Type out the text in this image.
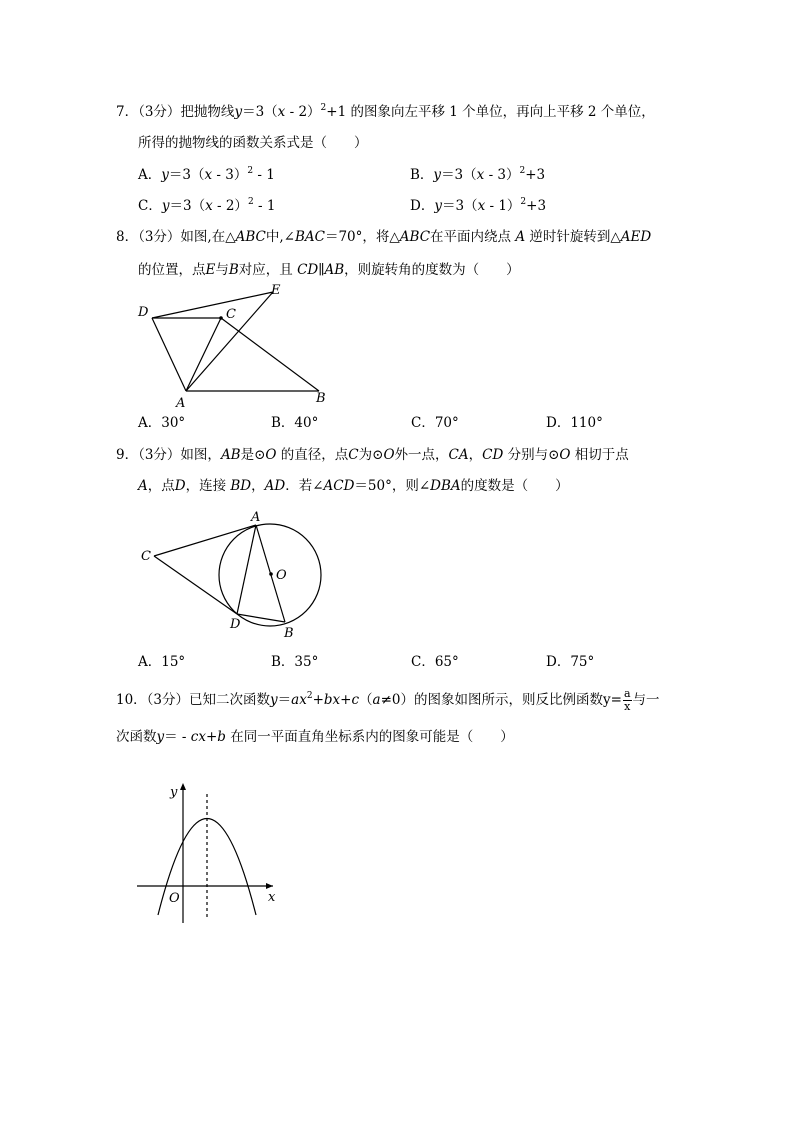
7．（3分）把抛物线y＝3（x - 2）$^2$+1 的图象向左平移 1 个单位，再向上平移 2 个单位，
所得的抛物线的函数关系式是（　　）
A．y＝3（x - 3）$^2$ - 1	B．y＝3（x - 3）$^2$+3
C．y＝3（x - 2）$^2$ - 1	D．y＝3（x - 1）$^2$+3
8．（3分）如图,在△ABC中,∠BAC＝70°，将△ABC在平面内绕点 A 逆时针旋转到△AED
的位置，点E与B对应，且 CD∥AB，则旋转角的度数为（　　）
D	C
E
A	B
A．30°	B．40°	C．70°	D．110°
9．（3分）如图，AB是⊙O 的直径，点C为⊙O外一点，CA，CD 分别与⊙O 相切于点
A，点D，连接 BD，AD．若∠ACD＝50°，则∠DBA的度数是（　　）
A
C
O
D
B
A．15°	B．35°	C．65°	D．75°
10．（3分）已知二次函数$y=ax^2+bx+c(a\ne 0)$的图象如图所示，则反比例函数$y= \frac{a}{x}$ 与一
次函数y＝ - cx+b 在同一平面直角坐标系内的图象可能是（　　）
y
x
O
